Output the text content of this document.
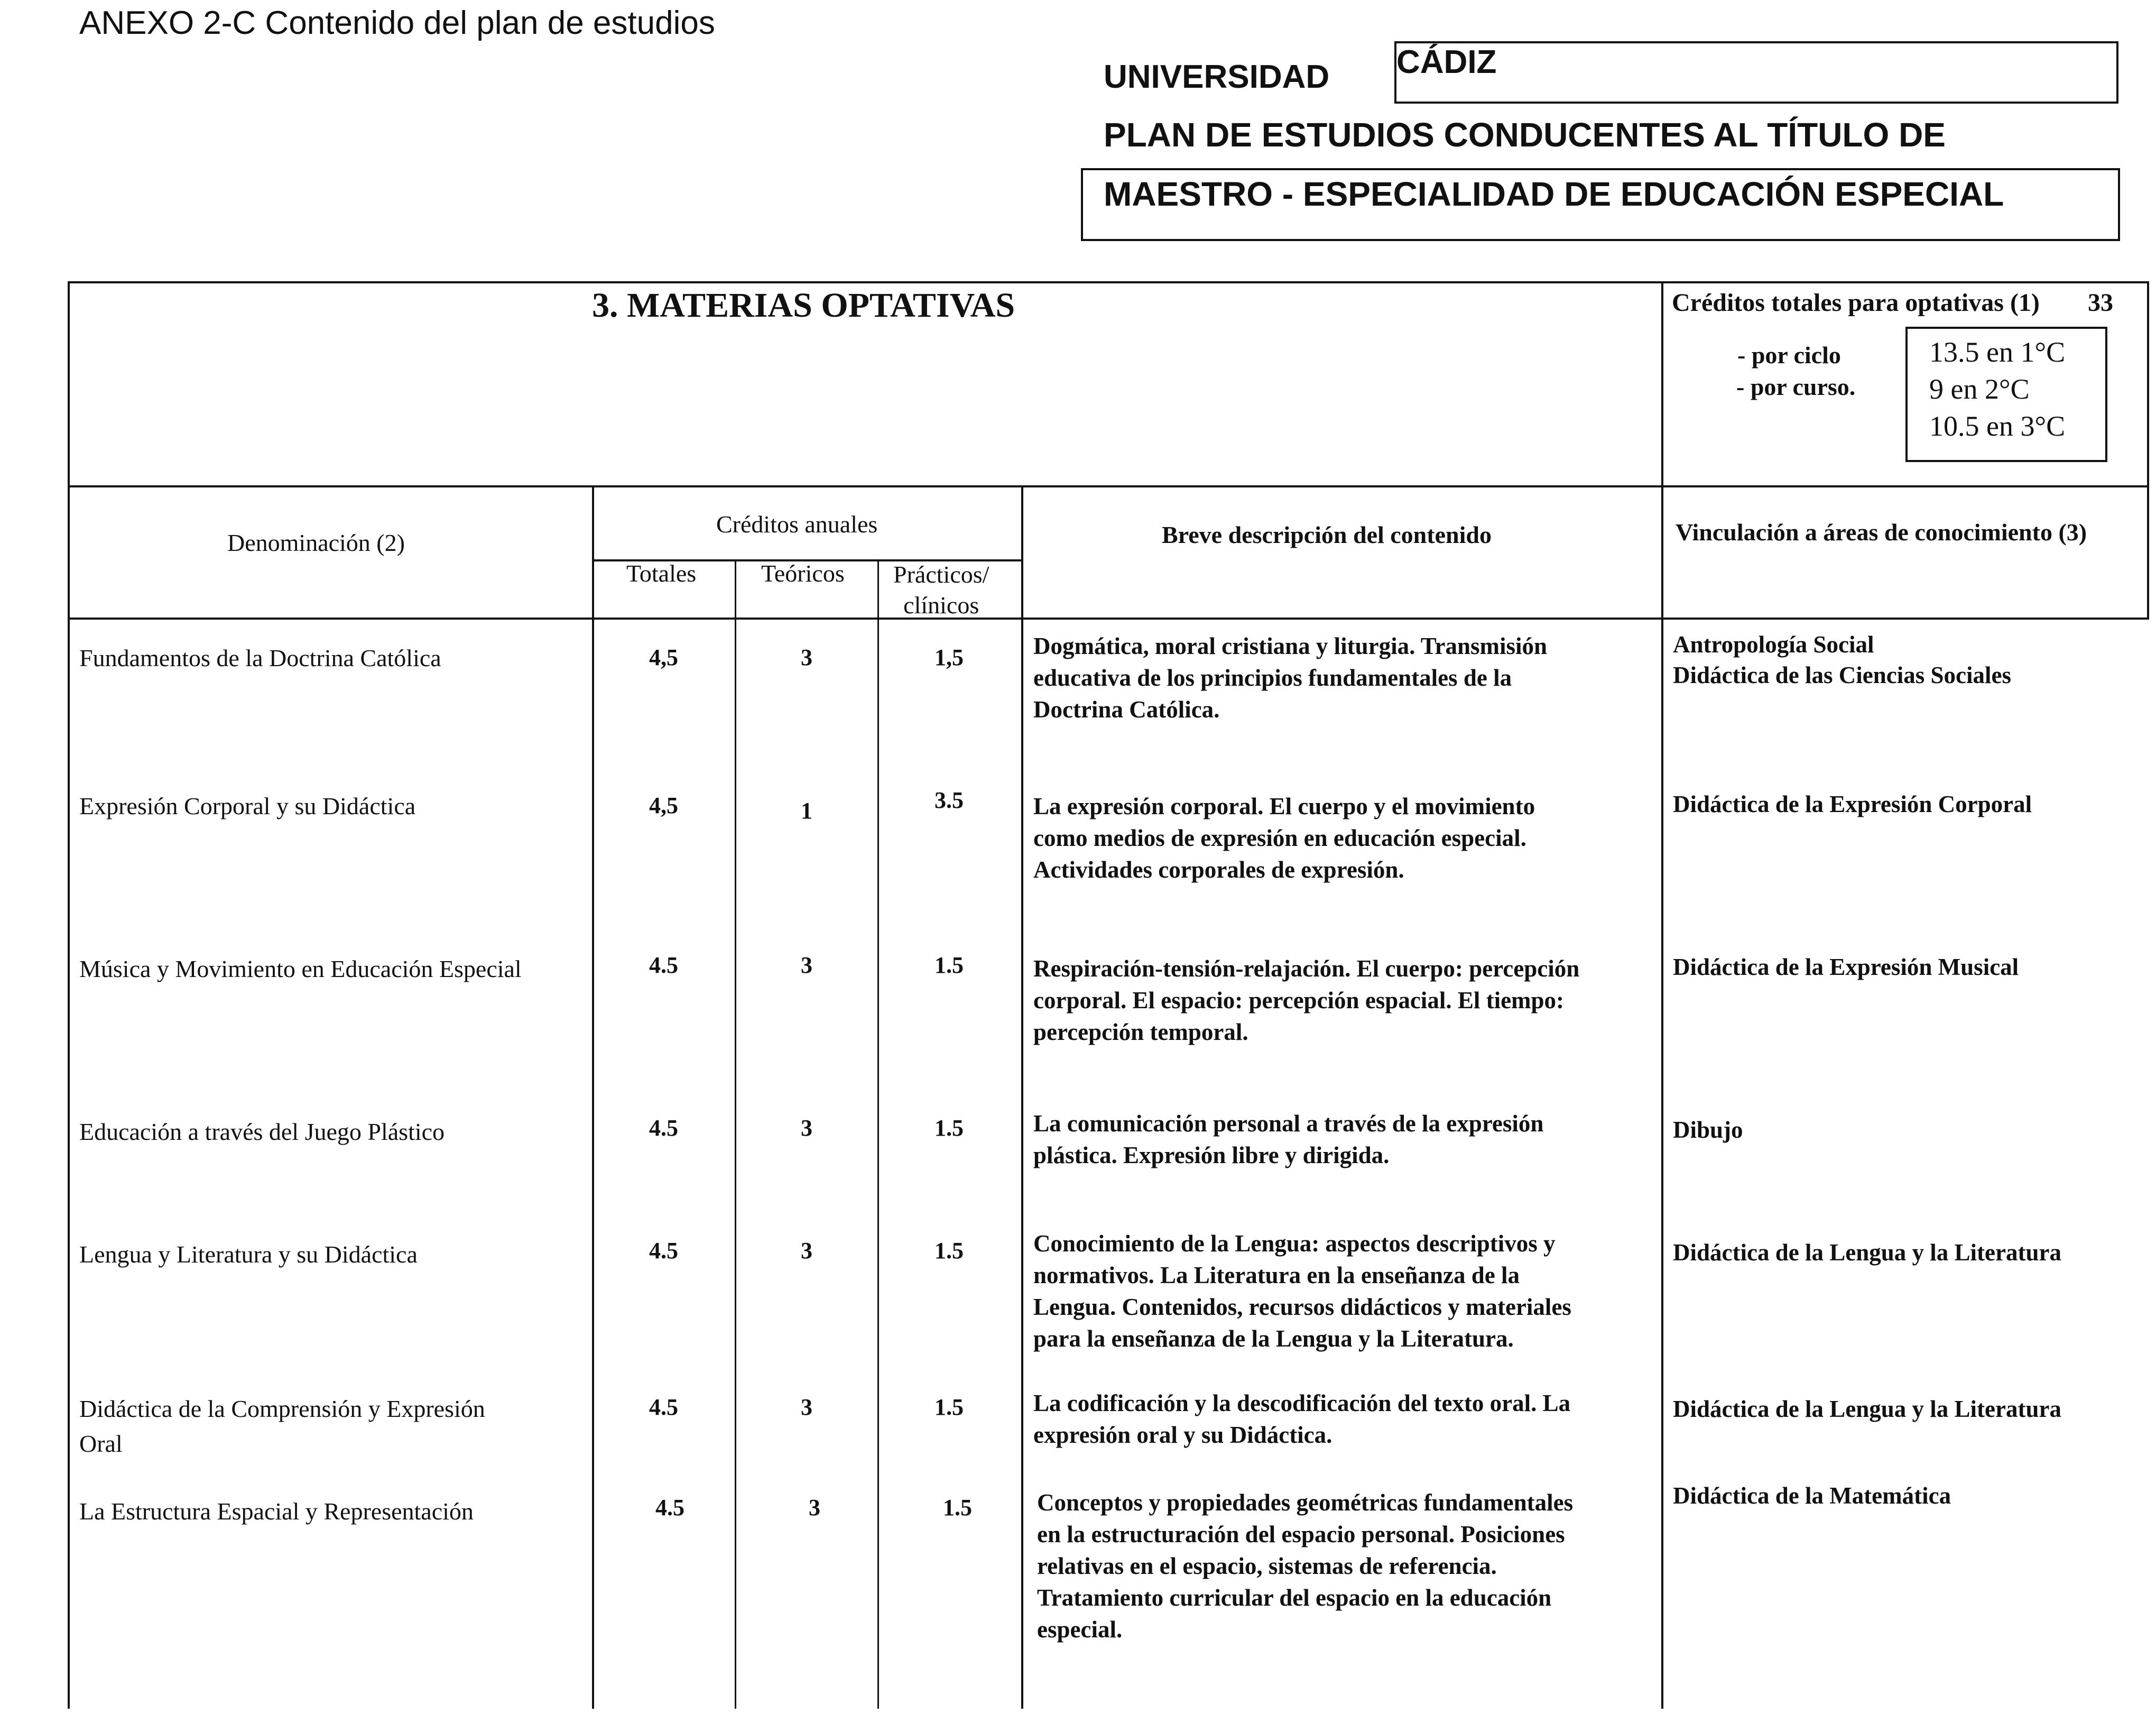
ANEXO 2-C Contenido del plan de estudios
UNIVERSIDAD CÁDIZ
PLAN DE ESTUDIOS CONDUCENTES AL TÍTULO DE
MAESTRO - ESPECIALIDAD DE EDUCACIÓN ESPECIAL
3. MATERIAS OPTATIVAS	Créditos totales para optativas (1) 33
- por ciclo
- por curso.
13.5 en 1°C
9 en 2°C
10.5 en 3°C
Denominación (2)
Créditos anuales
Totales	Teóricos Prácticos/
clínicos
Breve descripción del contenido	Vinculación a áreas de conocimiento (3)
Fundamentos de la Doctrina Católica	4,5	3	1,5	Dogmática, moral cristiana y liturgia. Transmisión
educativa de los principios fundamentales de la
Doctrina Católica.
Antropología Social
Didáctica de las Ciencias Sociales
Expresión Corporal y su Didáctica	4,5	1	3.5	La expresión corporal. El cuerpo y el movimiento
como medios de expresión en educación especial.
Actividades corporales de expresión.
Didáctica de la Expresión Corporal
Música y Movimiento en Educación Especial	4.5	3	1.5	Respiración-tensión-relajación. El cuerpo: percepción
corporal. El espacio: percepción espacial. El tiempo:
percepción temporal.
Didáctica de la Expresión Musical
Educación a través del Juego Plástico	4.5	3	1.5	La comunicación personal a través de la expresión
plástica. Expresión libre y dirigida.
Dibujo
Lengua y Literatura y su Didáctica	4.5	3	1.5	Conocimiento de la Lengua: aspectos descriptivos y
normativos. La Literatura en la enseñanza de la
Lengua. Contenidos, recursos didácticos y materiales
para la enseñanza de la Lengua y la Literatura.
Didáctica de la Lengua y la Literatura
Didáctica de la Comprensión y Expresión
Oral
4.5	3	1.5	La codificación y la descodificación del texto oral. La
expresión oral y su Didáctica.
Didáctica de la Lengua y la Literatura
La Estructura Espacial y Representación	4.5	3	1.5	Conceptos y propiedades geométricas fundamentales
en la estructuración del espacio personal. Posiciones
relativas en el espacio, sistemas de referencia.
Tratamiento curricular del espacio en la educación
especial.
Didáctica de la Matemática
